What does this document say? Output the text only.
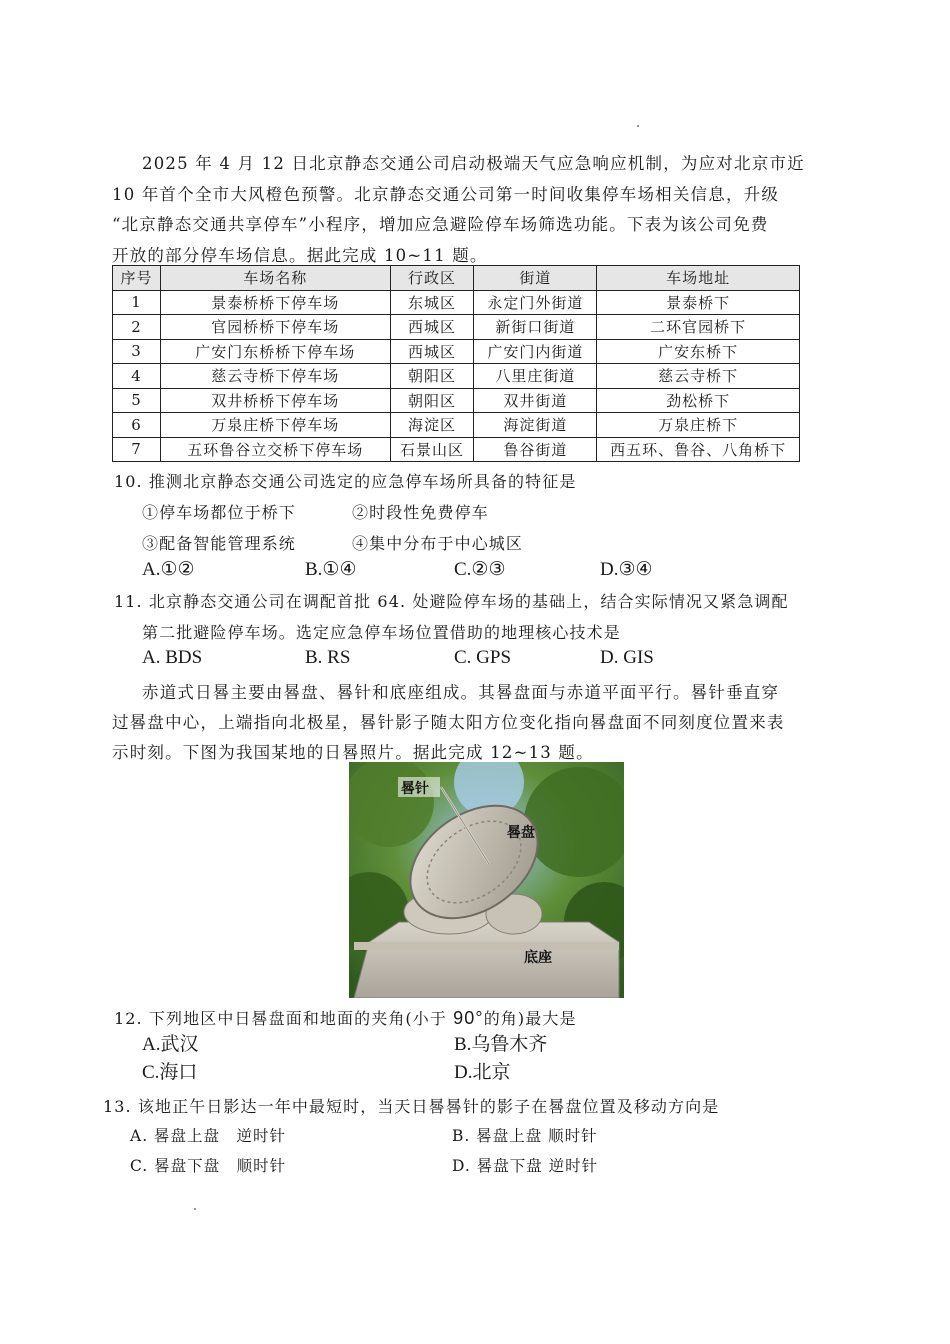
2025 年 4 月 12 日北京静态交通公司启动极端天气应急响应机制，为应对北京市近
10 年首个全市大风橙色预警。北京静态交通公司第一时间收集停车场相关信息，升级
“北京静态交通共享停车”小程序，增加应急避险停车场筛选功能。下表为该公司免费
开放的部分停车场信息。据此完成 10~11 题。
序号	车场名称	行政区	街道	车场地址
1	景泰桥桥下停车场	东城区	永定门外街道	景泰桥下
2	官园桥桥下停车场	西城区	新街口街道	二环官园桥下
3	广安门东桥桥下停车场	西城区	广安门内街道	广安东桥下
4	慈云寺桥下停车场	朝阳区	八里庄街道	慈云寺桥下
5	双井桥桥下停车场	朝阳区	双井街道	劲松桥下
6	万泉庄桥下停车场	海淀区	海淀街道	万泉庄桥下
7	五环鲁谷立交桥下停车场	石景山区	鲁谷街道	西五环、鲁谷、八角桥下
10. 推测北京静态交通公司选定的应急停车场所具备的特征是
①停车场都位于桥下	②时段性免费停车
③配备智能管理系统	④集中分布于中心城区
A.①②	B.①④	C.②③	D.③④
11. 北京静态交通公司在调配首批 64. 处避险停车场的基础上，结合实际情况又紧急调配
第二批避险停车场。选定应急停车场位置借助的地理核心技术是
A. BDS	B. RS	C. GPS	D. GIS
赤道式日晷主要由晷盘、晷针和底座组成。其晷盘面与赤道平面平行。晷针垂直穿
过晷盘中心，上端指向北极星，晷针影子随太阳方位变化指向晷盘面不同刻度位置来表
示时刻。下图为我国某地的日晷照片。据此完成 12~13 题。
晷针
晷盘
底座
12. 下列地区中日晷盘面和地面的夹角(小于 90°的角)最大是
A.武汉	B.乌鲁木齐
C.海口	D.北京
13. 该地正午日影达一年中最短时，当天日晷晷针的影子在晷盘位置及移动方向是
A. 晷盘上盘　逆时针	B. 晷盘上盘 顺时针
C. 晷盘下盘　顺时针	D. 晷盘下盘 逆时针
